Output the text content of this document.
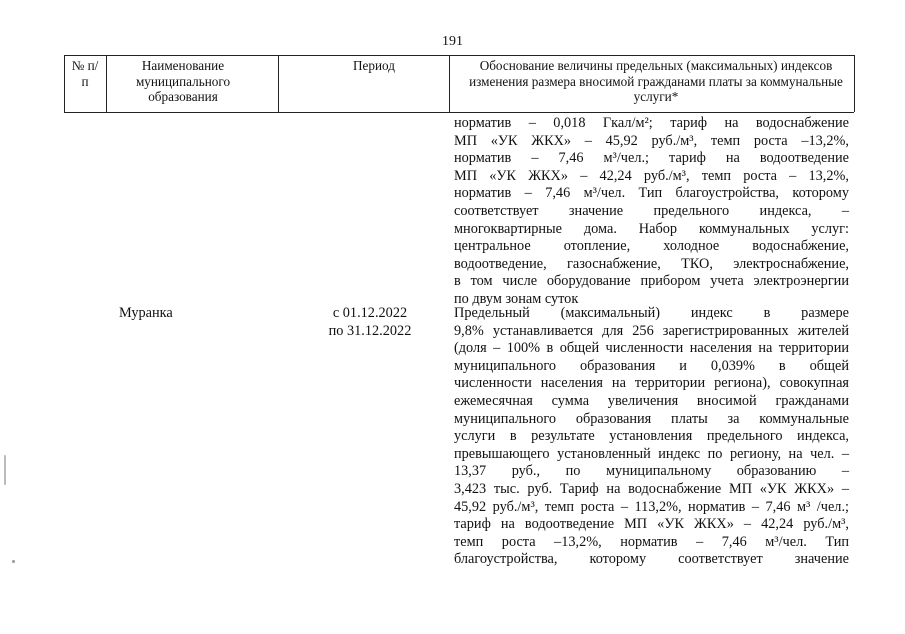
191
№ п/п
Наименование муниципального образования
Период	Обоснование величины предельных (максимальных) индексов изменения размера вносимой гражданами платы за коммунальные услуги*
норматив – 0,018 Гкал/м²; тариф на водоснабжение
МП «УК ЖКХ» – 45,92 руб./м³, темп роста –13,2%,
норматив – 7,46 м³/чел.; тариф на водоотведение
МП «УК ЖКХ» – 42,24 руб./м³, темп роста – 13,2%,
норматив – 7,46 м³/чел. Тип благоустройства, которому
соответствует значение предельного индекса, –
многоквартирные дома. Набор коммунальных услуг:
центральное отопление, холодное водоснабжение,
водоотведение, газоснабжение, ТКО, электроснабжение,
в том числе оборудование прибором учета электроэнергии
по двум зонам суток
Муранка	с 01.12.2022
по 31.12.2022
Предельный (максимальный) индекс в размере
9,8% устанавливается для 256 зарегистрированных жителей
(доля – 100% в общей численности населения на территории
муниципального образования и 0,039% в общей
численности населения на территории региона), совокупная
ежемесячная сумма увеличения вносимой гражданами
муниципального образования платы за коммунальные
услуги в результате установления предельного индекса,
превышающего установленный индекс по региону, на чел. –
13,37 руб., по муниципальному образованию –
3,423 тыс. руб. Тариф на водоснабжение МП «УК ЖКХ» –
45,92 руб./м³, темп роста – 113,2%, норматив – 7,46 м³ /чел.;
тариф на водоотведение МП «УК ЖКХ» – 42,24 руб./м³,
темп роста –13,2%, норматив – 7,46 м³/чел. Тип
благоустройства, которому соответствует значение
